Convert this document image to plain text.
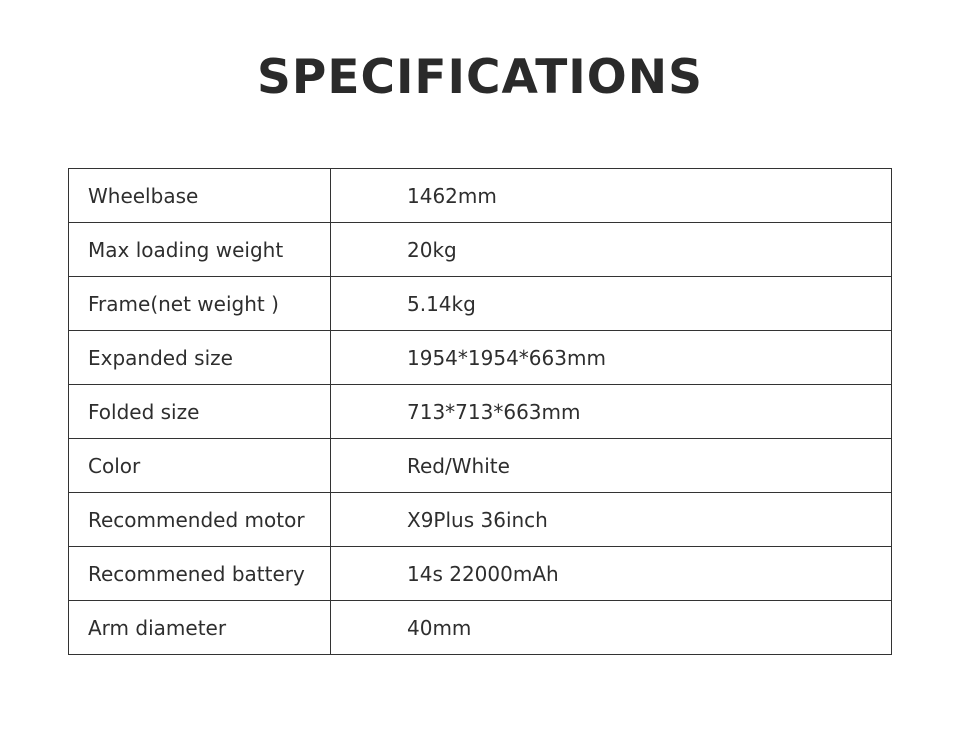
SPECIFICATIONS
Wheelbase	1462mm
Max loading weight	20kg
Frame(net weight )	5.14kg
Expanded size	1954*1954*663mm
Folded size	713*713*663mm
Color	Red/White
Recommended motor	X9Plus 36inch
Recommened battery	14s 22000mAh
Arm diameter	40mm
